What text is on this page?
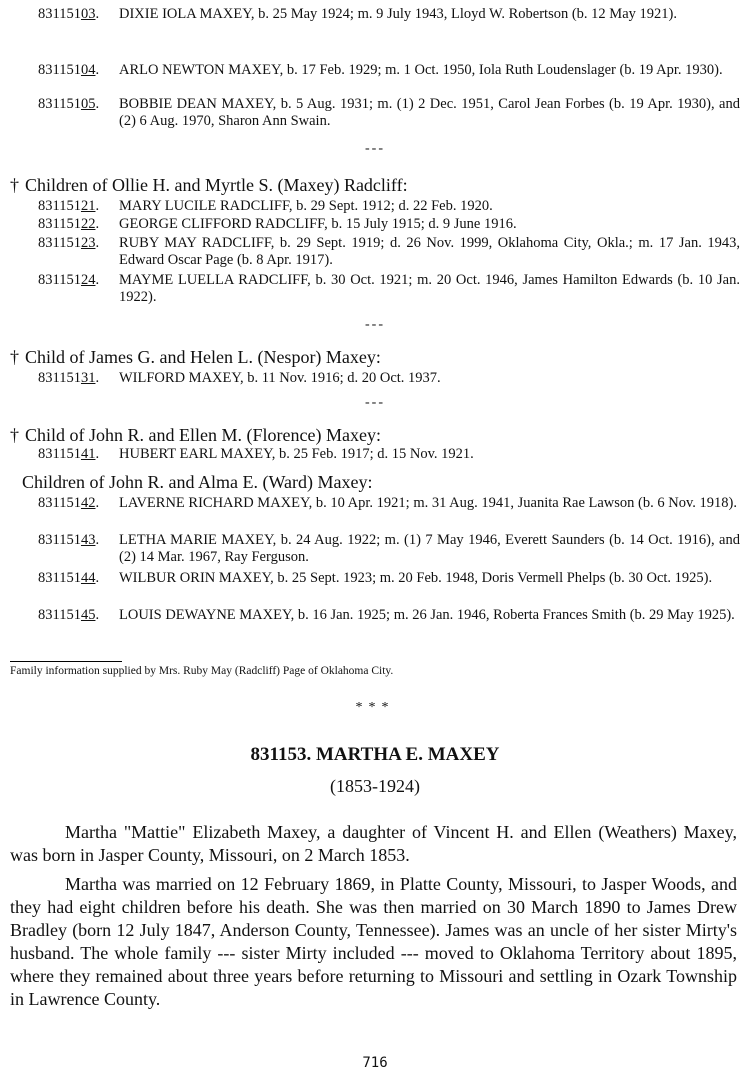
83115103.	DIXIE IOLA MAXEY, b. 25 May 1924; m. 9 July 1943, Lloyd W. Robertson (b. 12 May 1921).
83115104.	ARLO NEWTON MAXEY, b. 17 Feb. 1929; m. 1 Oct. 1950, Iola Ruth Loudenslager (b. 19 Apr. 1930).
83115105.	BOBBIE DEAN MAXEY, b. 5 Aug. 1931; m. (1) 2 Dec. 1951, Carol Jean Forbes (b. 19 Apr. 1930), and (2) 6 Aug. 1970, Sharon Ann Swain.
---
† Children of Ollie H. and Myrtle S. (Maxey) Radcliff:
83115121.	MARY LUCILE RADCLIFF, b. 29 Sept. 1912; d. 22 Feb. 1920.
83115122.	GEORGE CLIFFORD RADCLIFF, b. 15 July 1915; d. 9 June 1916.
83115123.	RUBY MAY RADCLIFF, b. 29 Sept. 1919; d. 26 Nov. 1999, Oklahoma City, Okla.; m. 17 Jan. 1943, Edward Oscar Page (b. 8 Apr. 1917).
83115124.	MAYME LUELLA RADCLIFF, b. 30 Oct. 1921; m. 20 Oct. 1946, James Hamilton Edwards (b. 10 Jan. 1922).
---
† Child of James G. and Helen L. (Nespor) Maxey:
83115131.	WILFORD MAXEY, b. 11 Nov. 1916; d. 20 Oct. 1937.
---
† Child of John R. and Ellen M. (Florence) Maxey:
83115141.	HUBERT EARL MAXEY, b. 25 Feb. 1917; d. 15 Nov. 1921.
Children of John R. and Alma E. (Ward) Maxey:
83115142.	LAVERNE RICHARD MAXEY, b. 10 Apr. 1921; m. 31 Aug. 1941, Juanita Rae Lawson (b. 6 Nov. 1918).
83115143.	LETHA MARIE MAXEY, b. 24 Aug. 1922; m. (1) 7 May 1946, Everett Saunders (b. 14 Oct. 1916), and (2) 14 Mar. 1967, Ray Ferguson.
83115144.	WILBUR ORIN MAXEY, b. 25 Sept. 1923; m. 20 Feb. 1948, Doris Vermell Phelps (b. 30 Oct. 1925).
83115145.	LOUIS DEWAYNE MAXEY, b. 16 Jan. 1925; m. 26 Jan. 1946, Roberta Frances Smith (b. 29 May 1925).
Family information supplied by Mrs. Ruby May (Radcliff) Page of Oklahoma City.
***
831153. MARTHA E. MAXEY
(1853-1924)
Martha "Mattie" Elizabeth Maxey, a daughter of Vincent H. and Ellen (Weathers) Maxey, was born in Jasper County, Missouri, on 2 March 1853.
Martha was married on 12 February 1869, in Platte County, Missouri, to Jasper Woods, and they had eight children before his death. She was then married on 30 March 1890 to James Drew Bradley (born 12 July 1847, Anderson County, Tennessee). James was an uncle of her sister Mirty's husband. The whole family --- sister Mirty included --- moved to Oklahoma Territory about 1895, where they remained about three years before returning to Missouri and settling in Ozark Township in Lawrence County.
716
